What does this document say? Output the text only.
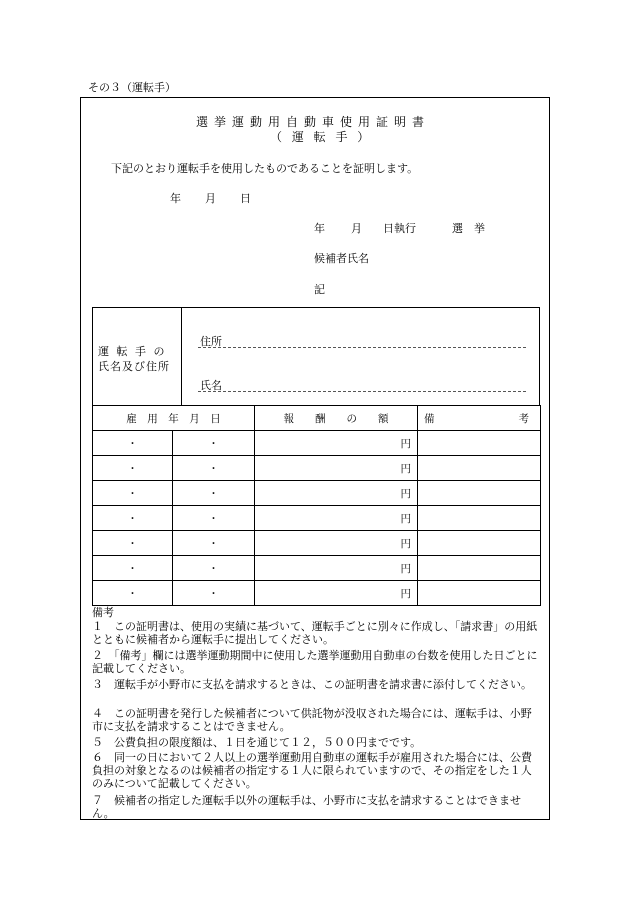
その３（運転手）
選挙運動用自動車使用証明書
（ 運 転 手 ）
下記のとおり運転手を使用したものであることを証明します。
年 月 日
年 月 日執行	選　挙
候補者氏名
記
運 転 手 の
氏名及び住所
住所
氏名
雇　用　年　月　日		報　　酬　　の　　額	備　　　　　　　　考
・	・	円	
・	・	円	
・	・	円	
・	・	円	
・	・	円	
・	・	円	
・	・	円	
備考
１　この証明書は、使用の実績に基づいて、運転手ごとに別々に作成し、「請求書」の用紙とともに候補者から運転手に提出してください。
２　「備考」欄には選挙運動期間中に使用した選挙運動用自動車の台数を使用した日ごとに記載してください。
３　運転手が小野市に支払を請求するときは、この証明書を請求書に添付してください。
４　この証明書を発行した候補者について供託物が没収された場合には、運転手は、小野市に支払を請求することはできません。
５　公費負担の限度額は、１日を通じて１２，５００円までです。
６　同一の日において２人以上の選挙運動用自動車の運転手が雇用された場合には、公費負担の対象となるのは候補者の指定する１人に限られていますので、その指定をした１人のみについて記載してください。
７　候補者の指定した運転手以外の運転手は、小野市に支払を請求することはできません。
